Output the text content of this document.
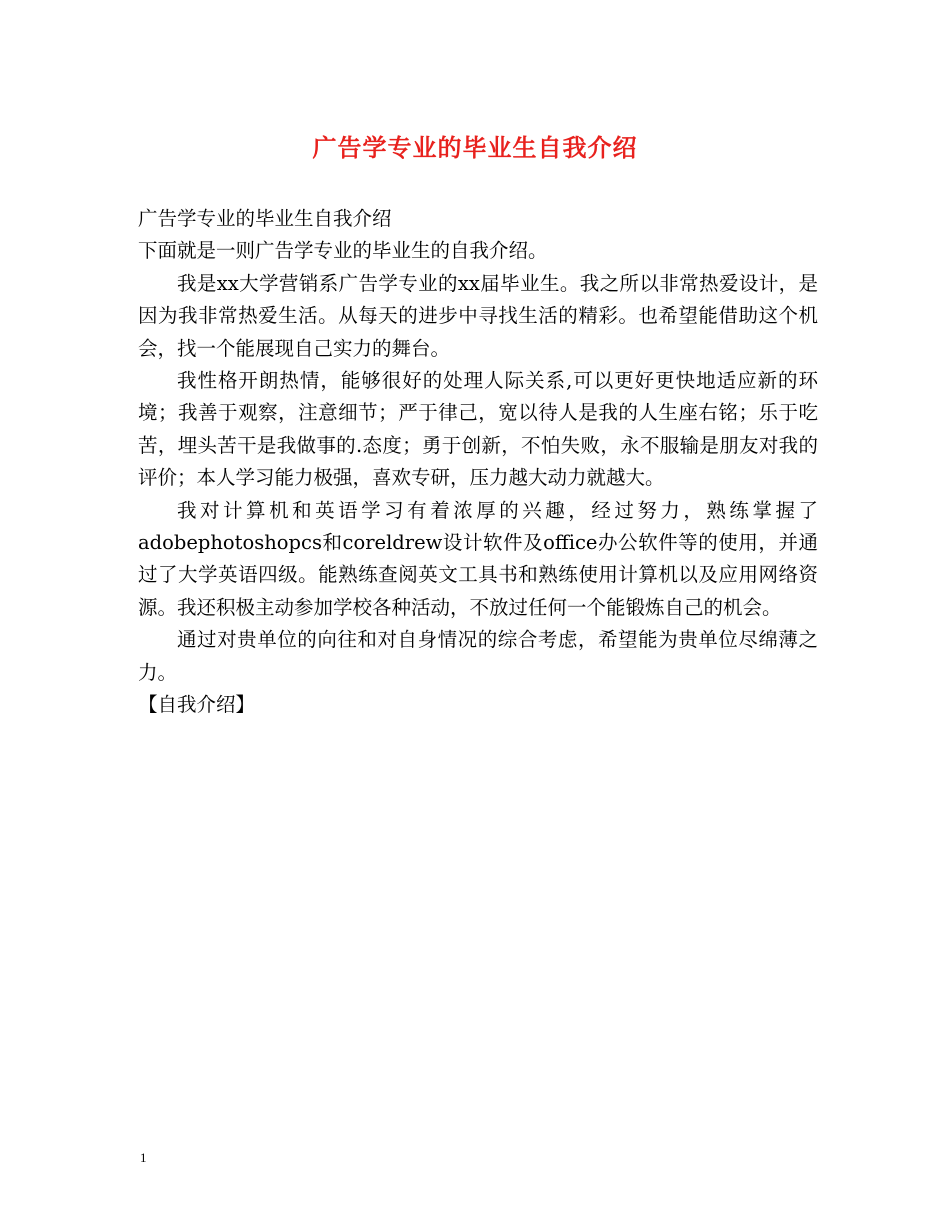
广告学专业的毕业生自我介绍

广告学专业的毕业生自我介绍

下面就是一则广告学专业的毕业生的自我介绍。

我是xx大学营销系广告学专业的xx届毕业生。我之所以非常热爱设计，是因为我非常热爱生活。从每天的进步中寻找生活的精彩。也希望能借助这个机会，找一个能展现自己实力的舞台。

我性格开朗热情，能够很好的处理人际关系,可以更好更快地适应新的环境；我善于观察，注意细节；严于律己，宽以待人是我的人生座右铭；乐于吃苦，埋头苦干是我做事的.态度；勇于创新，不怕失败，永不服输是朋友对我的评价；本人学习能力极强，喜欢专研，压力越大动力就越大。

我对计算机和英语学习有着浓厚的兴趣，经过努力，熟练掌握了adobephotoshopcs和coreldrew设计软件及office办公软件等的使用，并通过了大学英语四级。能熟练查阅英文工具书和熟练使用计算机以及应用网络资源。我还积极主动参加学校各种活动，不放过任何一个能锻炼自己的机会。

通过对贵单位的向往和对自身情况的综合考虑，希望能为贵单位尽绵薄之力。

【自我介绍】

1
